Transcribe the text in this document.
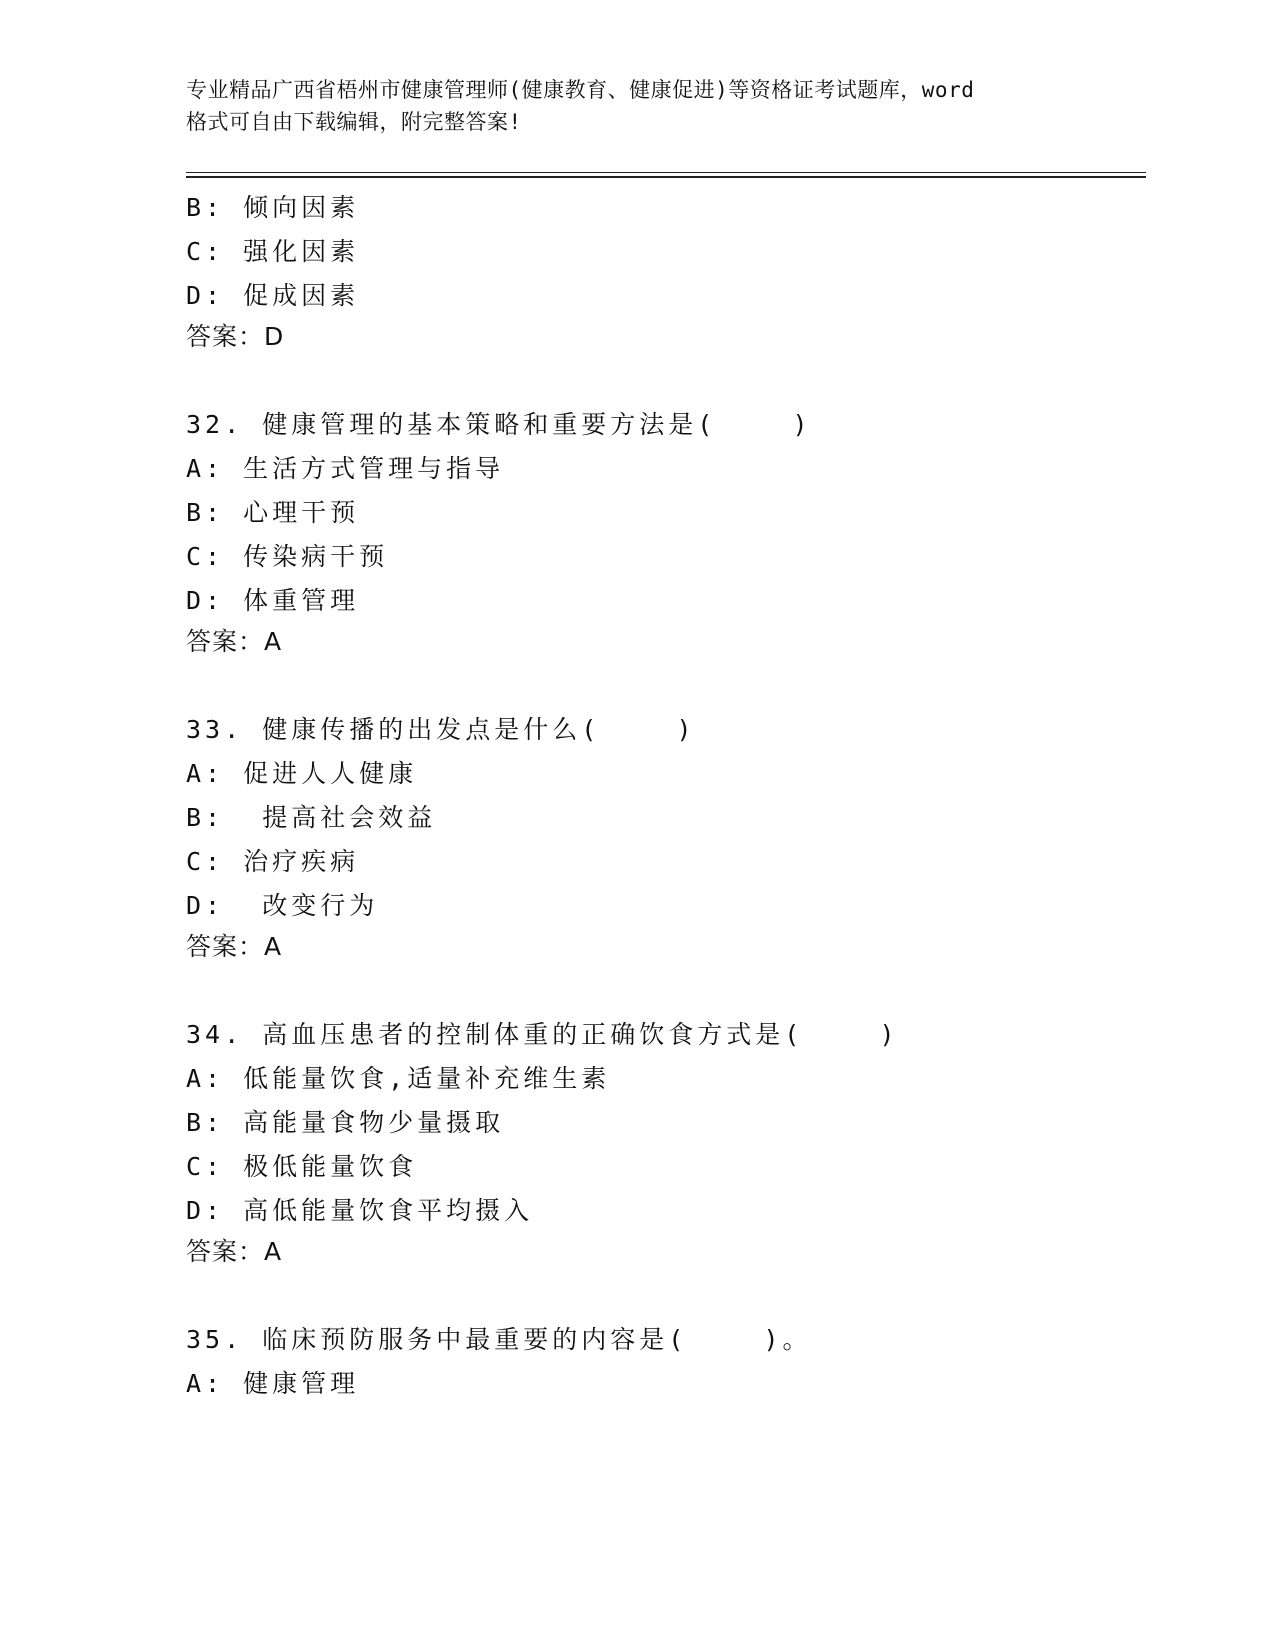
专业精品广西省梧州市健康管理师(健康教育、健康促进)等资格证考试题库，word
格式可自由下载编辑，附完整答案!
B: 倾向因素
C: 强化因素
D: 促成因素
答案：D
32. 健康管理的基本策略和重要方法是(    )
A: 生活方式管理与指导
B: 心理干预
C: 传染病干预
D: 体重管理
答案：A
33. 健康传播的出发点是什么(    )
A: 促进人人健康
B:  提高社会效益
C: 治疗疾病
D:  改变行为
答案：A
34. 高血压患者的控制体重的正确饮食方式是(    )
A: 低能量饮食,适量补充维生素
B: 高能量食物少量摄取
C: 极低能量饮食
D: 高低能量饮食平均摄入
答案：A
35. 临床预防服务中最重要的内容是(    )。
A: 健康管理
